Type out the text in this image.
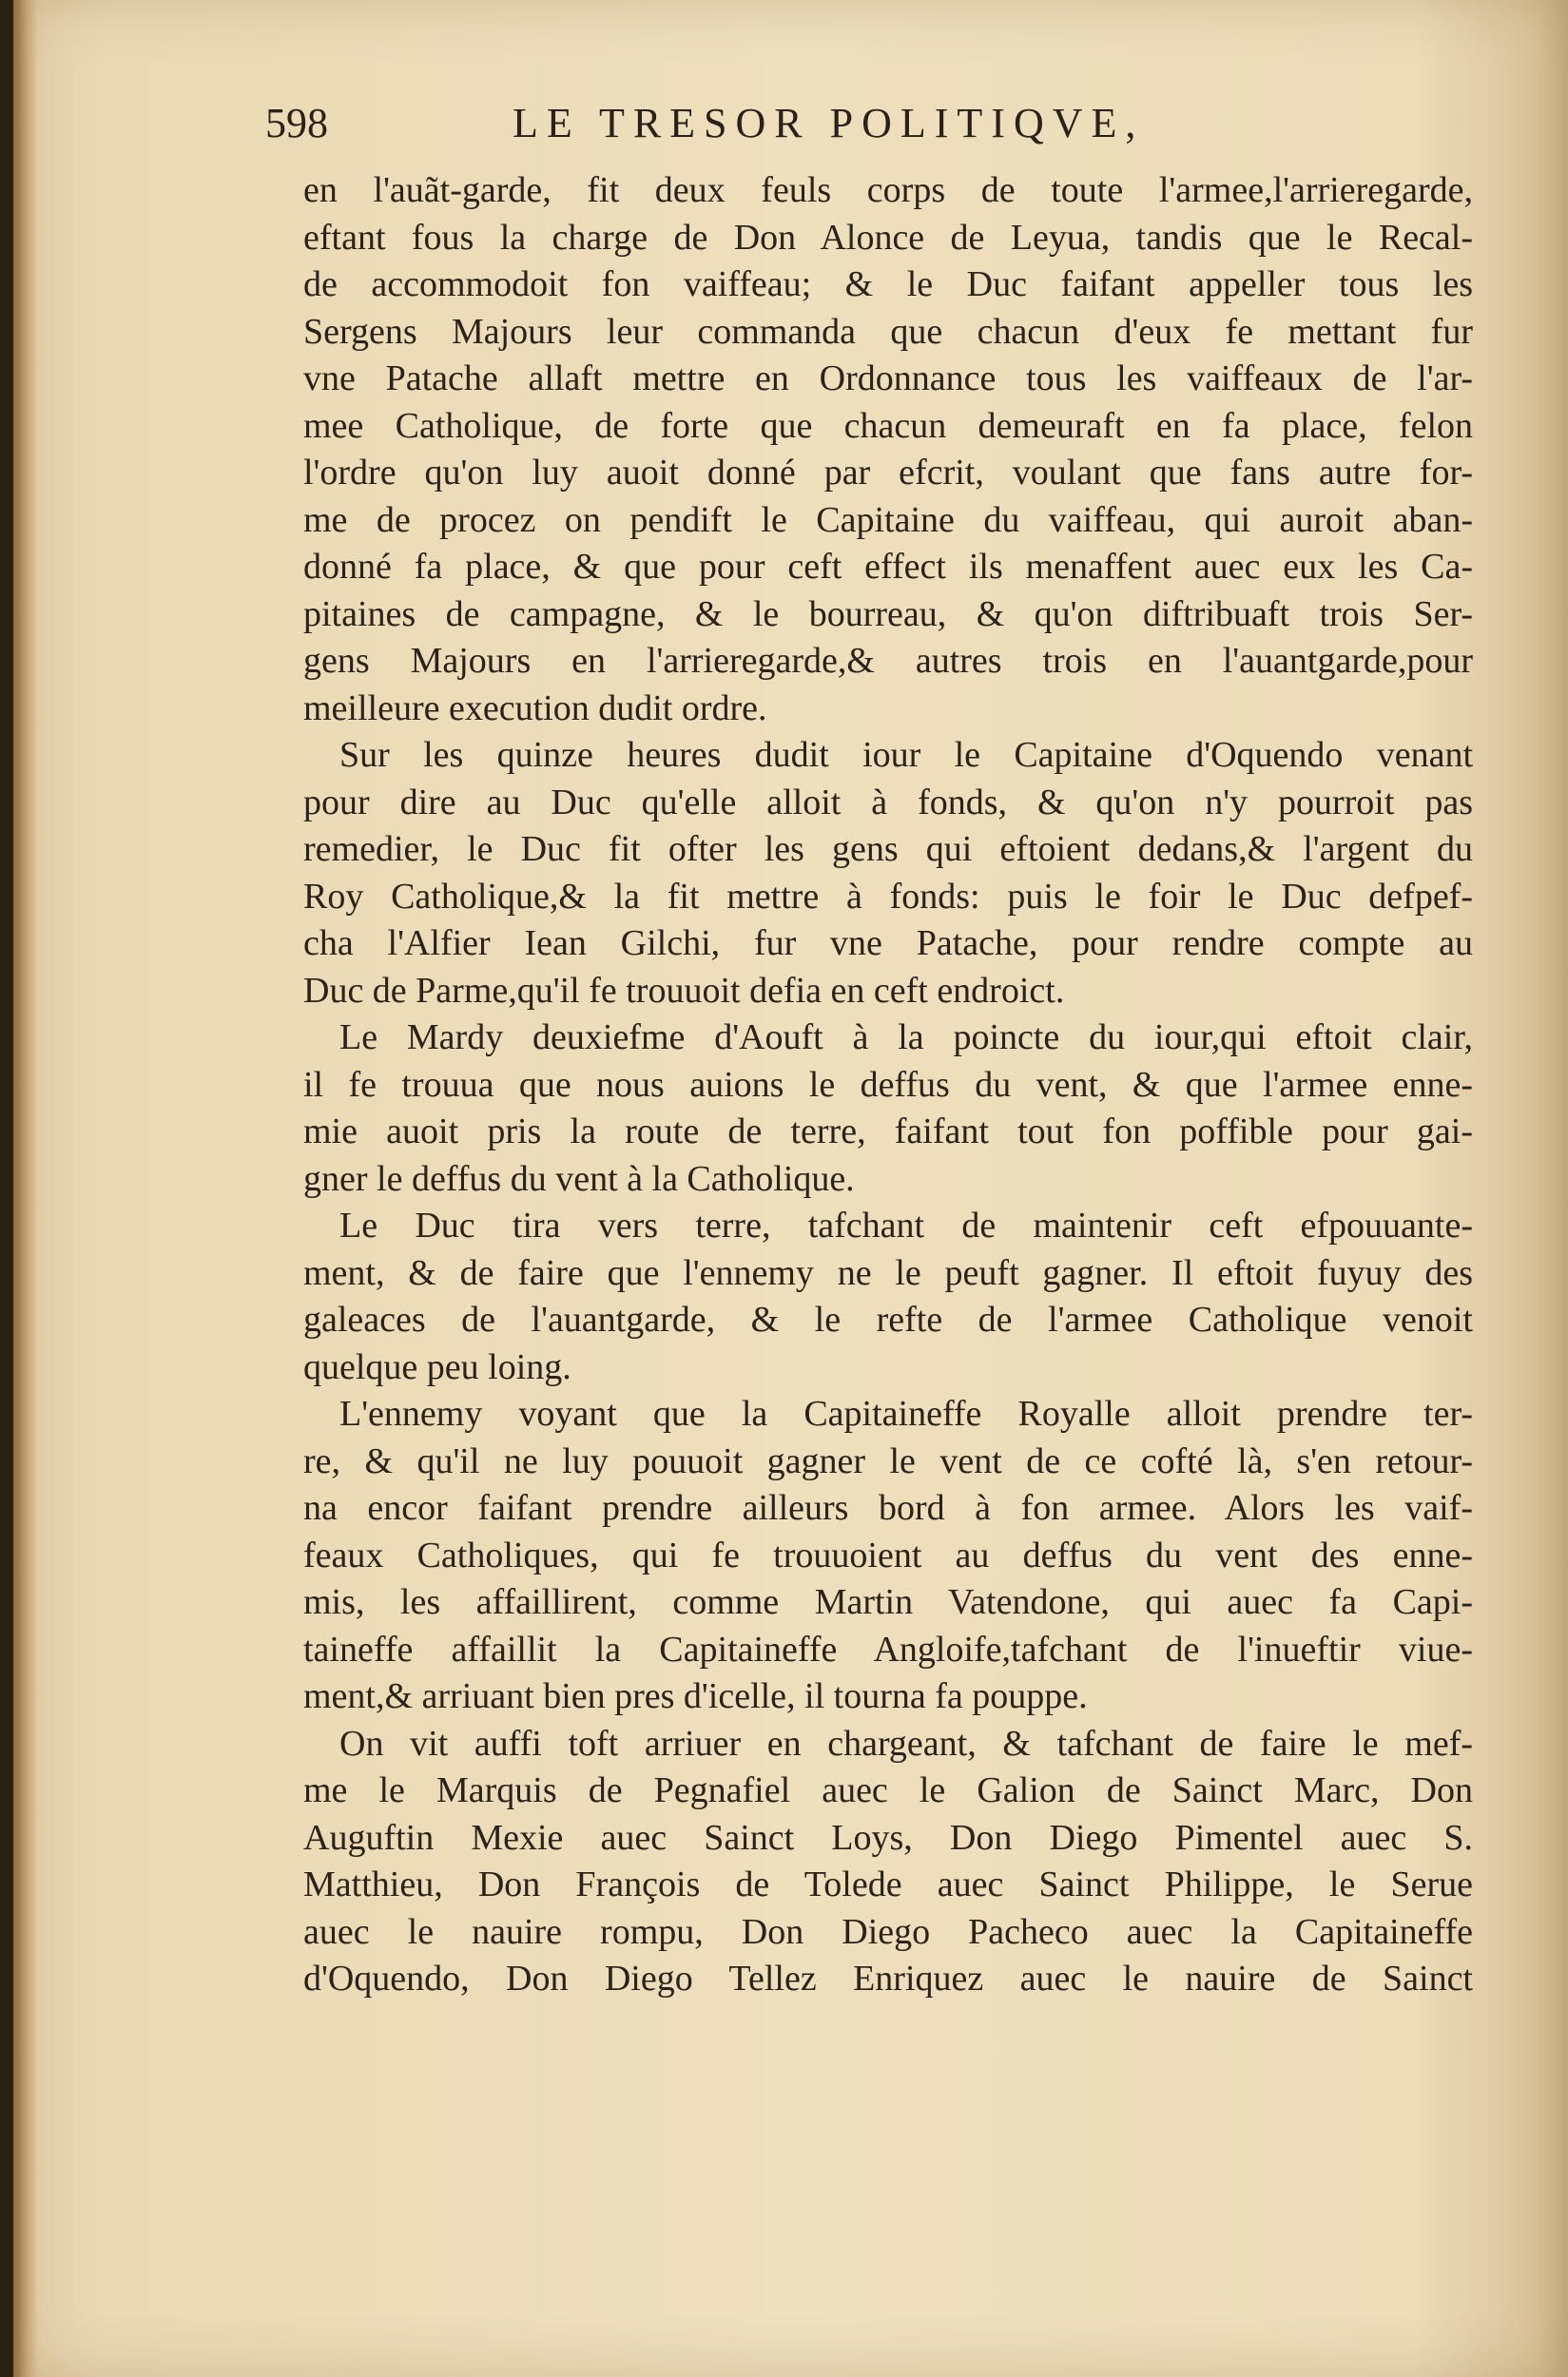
598	LE TRESOR POLITIQVE,
en l'auãt-garde, fit deux feuls corps de toute l'armee,l'arrieregarde,
eftant fous la charge de Don Alonce de Leyua, tandis que le Recal-
de accommodoit fon vaiffeau; & le Duc faifant appeller tous les
Sergens Majours leur commanda que chacun d'eux fe mettant fur
vne Patache allaft mettre en Ordonnance tous les vaiffeaux de l'ar-
mee Catholique, de forte que chacun demeuraft en fa place, felon
l'ordre qu'on luy auoit donné par efcrit, voulant que fans autre for-
me de procez on pendift le Capitaine du vaiffeau, qui auroit aban-
donné fa place, & que pour ceft effect ils menaffent auec eux les Ca-
pitaines de campagne, & le bourreau, & qu'on diftribuaft trois Ser-
gens Majours en l'arrieregarde,& autres trois en l'auantgarde,pour
meilleure execution dudit ordre.
Sur les quinze heures dudit iour le Capitaine d'Oquendo venant
pour dire au Duc qu'elle alloit à fonds, & qu'on n'y pourroit pas
remedier, le Duc fit ofter les gens qui eftoient dedans,& l'argent du
Roy Catholique,& la fit mettre à fonds: puis le foir le Duc defpef-
cha l'Alfier Iean Gilchi, fur vne Patache, pour rendre compte au
Duc de Parme,qu'il fe trouuoit defia en ceft endroict.
Le Mardy deuxiefme d'Aouft à la poincte du iour,qui eftoit clair,
il fe trouua que nous auions le deffus du vent, & que l'armee enne-
mie auoit pris la route de terre, faifant tout fon poffible pour gai-
gner le deffus du vent à la Catholique.
Le Duc tira vers terre, tafchant de maintenir ceft efpouuante-
ment, & de faire que l'ennemy ne le peuft gagner. Il eftoit fuyuy des
galeaces de l'auantgarde, & le refte de l'armee Catholique venoit
quelque peu loing.
L'ennemy voyant que la Capitaineffe Royalle alloit prendre ter-
re, & qu'il ne luy pouuoit gagner le vent de ce cofté là, s'en retour-
na encor faifant prendre ailleurs bord à fon armee. Alors les vaif-
feaux Catholiques, qui fe trouuoient au deffus du vent des enne-
mis, les affaillirent, comme Martin Vatendone, qui auec fa Capi-
taineffe affaillit la Capitaineffe Angloife,tafchant de l'inueftir viue-
ment,& arriuant bien pres d'icelle, il tourna fa pouppe.
On vit auffi toft arriuer en chargeant, & tafchant de faire le mef-
me le Marquis de Pegnafiel auec le Galion de Sainct Marc, Don
Auguftin Mexie auec Sainct Loys, Don Diego Pimentel auec S.
Matthieu, Don François de Tolede auec Sainct Philippe, le Serue
auec le nauire rompu, Don Diego Pacheco auec la Capitaineffe
d'Oquendo, Don Diego Tellez Enriquez auec le nauire de Sainct
